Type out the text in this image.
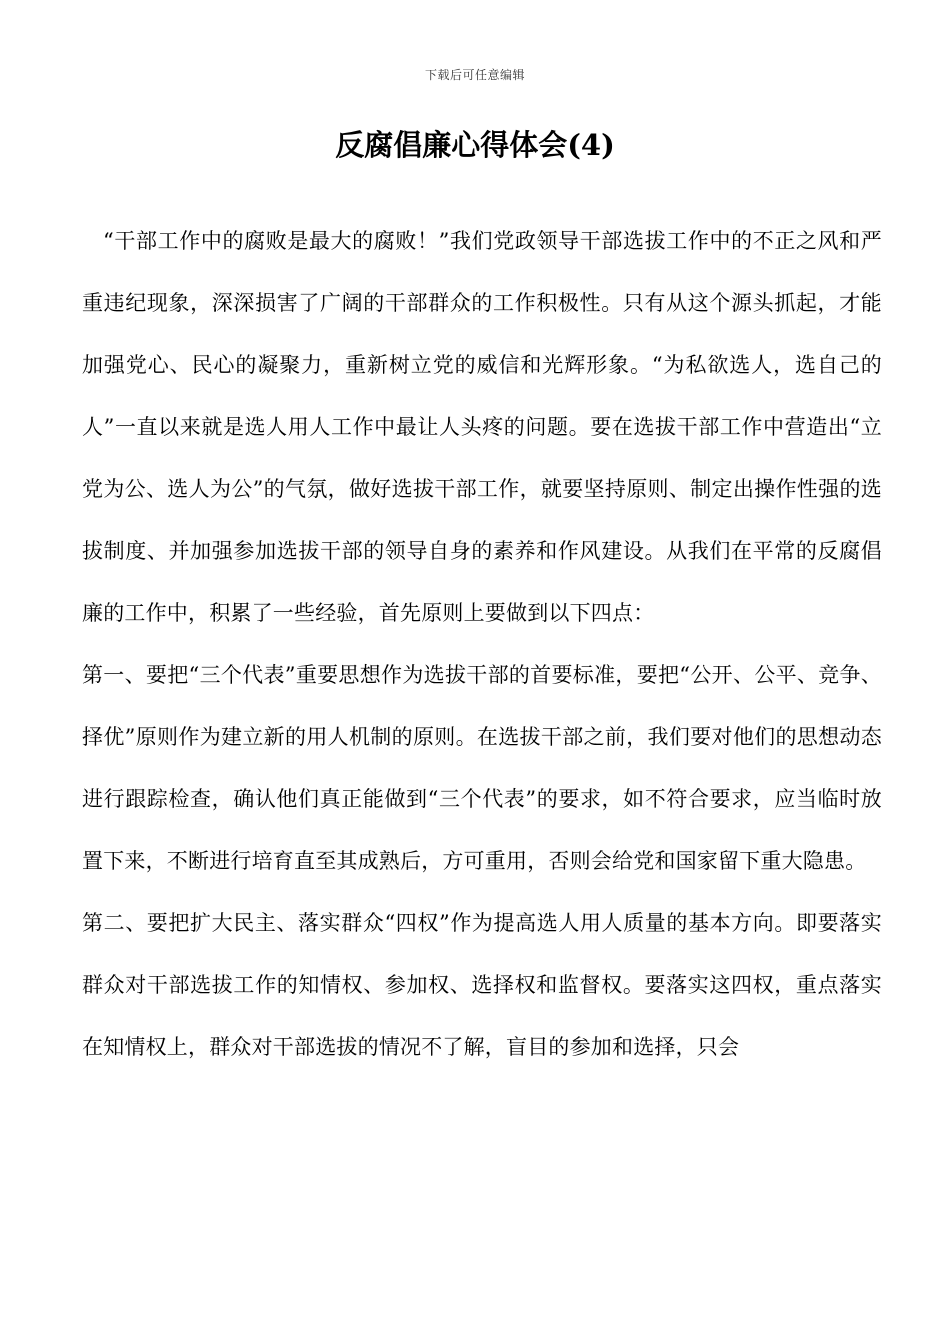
下载后可任意编辑
反腐倡廉心得体会(4)

“干部工作中的腐败是最大的腐败！”我们党政领导干部选拔工作中的不正之风和严重违纪现象，深深损害了广阔的干部群众的工作积极性。只有从这个源头抓起，才能加强党心、民心的凝聚力，重新树立党的威信和光辉形象。“为私欲选人，选自己的人”一直以来就是选人用人工作中最让人头疼的问题。要在选拔干部工作中营造出“立党为公、选人为公”的气氛，做好选拔干部工作，就要坚持原则、制定出操作性强的选拔制度、并加强参加选拔干部的领导自身的素养和作风建设。从我们在平常的反腐倡廉的工作中，积累了一些经验，首先原则上要做到以下四点：

第一、要把“三个代表”重要思想作为选拔干部的首要标准，要把“公开、公平、竞争、择优”原则作为建立新的用人机制的原则。在选拔干部之前，我们要对他们的思想动态进行跟踪检查，确认他们真正能做到“三个代表”的要求，如不符合要求，应当临时放置下来，不断进行培育直至其成熟后，方可重用，否则会给党和国家留下重大隐患。

第二、要把扩大民主、落实群众“四权”作为提高选人用人质量的基本方向。即要落实群众对干部选拔工作的知情权、参加权、选择权和监督权。要落实这四权，重点落实在知情权上，群众对干部选拔的情况不了解，盲目的参加和选择，只会
